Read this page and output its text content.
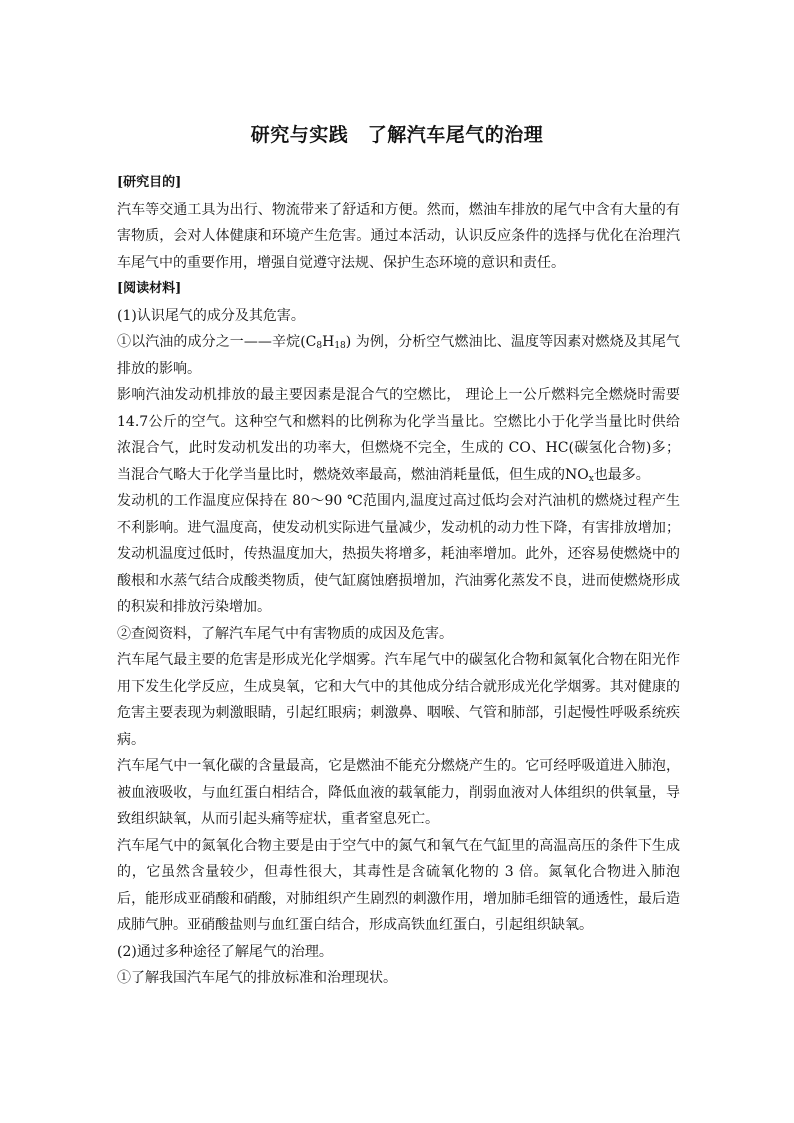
研究与实践　了解汽车尾气的治理

[研究目的]

汽车等交通工具为出行、物流带来了舒适和方便。然而，燃油车排放的尾气中含有大量的有害物质，会对人体健康和环境产生危害。通过本活动，认识反应条件的选择与优化在治理汽车尾气中的重要作用，增强自觉遵守法规、保护生态环境的意识和责任。

[阅读材料]

(1)认识尾气的成分及其危害。

①以汽油的成分之一——辛烷$(C_8H_{18})$ 为例，分析空气燃油比、温度等因素对燃烧及其尾气排放的影响。

影响汽油发动机排放的最主要因素是混合气的空燃比， 理论上一公斤燃料完全燃烧时需要14.7公斤的空气。这种空气和燃料的比例称为化学当量比。空燃比小于化学当量比时供给浓混合气，此时发动机发出的功率大，但燃烧不完全，生成的 CO、HC(碳氢化合物)多；当混合气略大于化学当量比时，燃烧效率最高，燃油消耗量低，但生成的$NO_x$也最多。

发动机的工作温度应保持在 80～90 ℃范围内,温度过高过低均会对汽油机的燃烧过程产生不利影响。进气温度高，使发动机实际进气量减少，发动机的动力性下降，有害排放增加；发动机温度过低时，传热温度加大，热损失将增多，耗油率增加。此外，还容易使燃烧中的酸根和水蒸气结合成酸类物质，使气缸腐蚀磨损增加，汽油雾化蒸发不良，进而使燃烧形成的积炭和排放污染增加。

②查阅资料，了解汽车尾气中有害物质的成因及危害。

汽车尾气最主要的危害是形成光化学烟雾。汽车尾气中的碳氢化合物和氮氧化合物在阳光作用下发生化学反应，生成臭氧，它和大气中的其他成分结合就形成光化学烟雾。其对健康的危害主要表现为刺激眼睛，引起红眼病；刺激鼻、咽喉、气管和肺部，引起慢性呼吸系统疾病。

汽车尾气中一氧化碳的含量最高，它是燃油不能充分燃烧产生的。它可经呼吸道进入肺泡，被血液吸收，与血红蛋白相结合，降低血液的载氧能力，削弱血液对人体组织的供氧量，导致组织缺氧，从而引起头痛等症状，重者窒息死亡。

汽车尾气中的氮氧化合物主要是由于空气中的氮气和氧气在气缸里的高温高压的条件下生成的，它虽然含量较少，但毒性很大，其毒性是含硫氧化物的 3 倍。氮氧化合物进入肺泡后，能形成亚硝酸和硝酸，对肺组织产生剧烈的刺激作用，增加肺毛细管的通透性，最后造成肺气肿。亚硝酸盐则与血红蛋白结合，形成高铁血红蛋白，引起组织缺氧。

(2)通过多种途径了解尾气的治理。

①了解我国汽车尾气的排放标准和治理现状。
